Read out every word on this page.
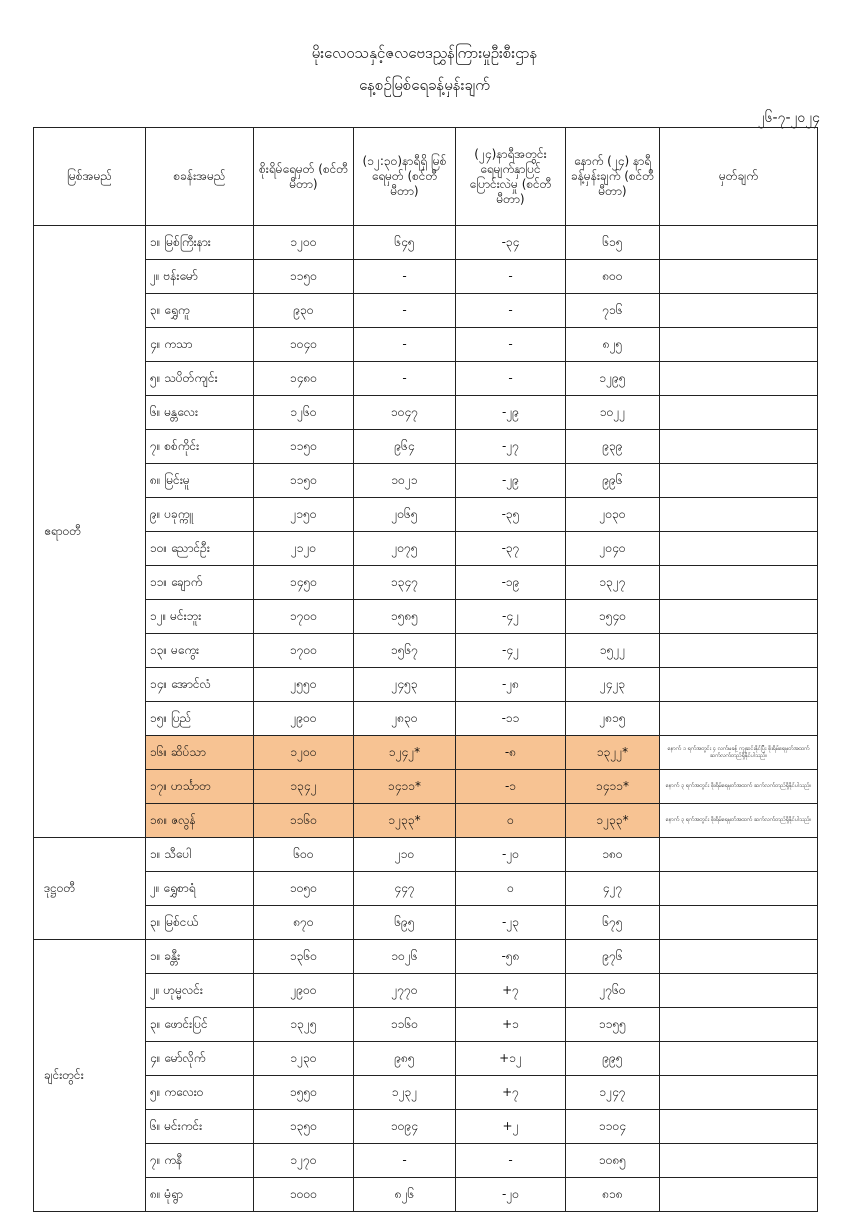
မိုးလေဝသနှင့်ဇလဗေဒညွှန်ကြားမှုဦးစီးဌာန
နေ့စဉ်မြစ်ရေခန့်မှန်းချက်
၂၆-၇-၂၀၂၄
မြစ်အမည်	စခန်းအမည်	စိုးရိမ်ရေမှတ် (စင်တီမီတာ)	(၁၂:၃၀)နာရီရှိ မြစ်ရေမှတ် (စင်တီမီတာ)	(၂၄)နာရီအတွင်း ရေမျက်နှာပြင် ပြောင်းလဲမှု (စင်တီမီတာ)	နောက် (၂၄) နာရီ ခန့်မှန်းချက် (စင်တီမီတာ)	မှတ်ချက်
ဧရာဝတီ	၁။ မြစ်ကြီးနား	၁၂၀၀	၆၄၅	-၃၄	၆၁၅	
	၂။ ဗန်းမော်	၁၁၅၀	-	-	၈၀၀	
	၃။ ရွှေကူ	၉၃၀	-	-	၇၁၆	
	၄။ ကသာ	၁၀၄၀	-	-	၈၂၅	
	၅။ သပိတ်ကျင်း	၁၄၈၀	-	-	၁၂၉၅	
	၆။ မန္တလေး	၁၂၆၀	၁၀၄၇	-၂၉	၁၀၂၂	
	၇။ စစ်ကိုင်း	၁၁၅၀	၉၆၄	-၂၇	၉၃၉	
	၈။ မြင်းမူ	၁၁၅၀	၁၀၂၁	-၂၉	၉၉၆	
	၉။ ပခုက္ကူ	၂၁၅၀	၂၀၆၅	-၃၅	၂၀၃၀	
	၁၀။ ညောင်ဦး	၂၁၂၀	၂၀၇၅	-၃၇	၂၀၄၀	
	၁၁။ ချောက်	၁၄၅၀	၁၃၄၇	-၁၉	၁၃၂၇	
	၁၂။ မင်းဘူး	၁၇၀၀	၁၅၈၅	-၄၂	၁၅၄၀	
	၁၃။ မကွေး	၁၇၀၀	၁၅၆၇	-၄၂	၁၅၂၂	
	၁၄။ အောင်လံ	၂၅၅၀	၂၄၅၃	-၂၈	၂၄၂၃	
	၁၅။ ပြည်	၂၉၀၀	၂၈၃၀	-၁၁	၂၈၁၅	
	၁၆။ ဆိပ်သာ	၁၂၀၀	၁၂၄၂*	-၈	၁၃၂၂*	နောက် ၁ ရက်အတွင်း ၄ လက်မခန့် ကျဆင်းနိုင်ပြီး စိုးရိမ်ရေမှတ်အထက်ဆက်လက်တည်ရှိနိုင်ပါသည်။
	၁၇။ ဟင်္သာတ	၁၃၄၂	၁၄၁၁*	-၁	၁၄၁၁*	နောက် ၃ ရက်အတွင်း စိုးရိမ်ရေမှတ်အထက် ဆက်လက်တည်ရှိနိုင်ပါသည်။
	၁၈။ ဇလွန်	၁၁၆၀	၁၂၃၃*	၀	၁၂၃၃*	နောက် ၃ ရက်အတွင်း စိုးရိမ်ရေမှတ်အထက် ဆက်လက်တည်ရှိနိုင်ပါသည်။
ဒုဋ္ဌဝတီ	၁။ သီပေါ	၆၀၀	၂၁၀	-၂၀	၁၈၀	
	၂။ ရွှေစာရံ	၁၀၅၀	၄၄၇	၀	၄၂၇	
	၃။ မြစ်ငယ်	၈၇၀	၆၉၅	-၂၃	၆၇၅	
ချင်းတွင်း	၁။ ခန္တီး	၁၃၆၀	၁၀၂၆	-၅၈	၉၇၆	
	၂။ ဟုမ္မလင်း	၂၉၀၀	၂၇၇၀	+၇	၂၇၆၀	
	၃။ ဖောင်းပြင်	၁၃၂၅	၁၁၆၀	+၁	၁၁၅၅	
	၄။ မော်လိုက်	၁၂၃၀	၉၈၅	+၁၂	၉၉၅	
	၅။ ကလေးဝ	၁၅၅၀	၁၂၃၂	+၇	၁၂၄၇	
	၆။ မင်းကင်း	၁၃၅၀	၁၀၉၄	+၂	၁၁၀၄	
	၇။ ကနီ	၁၂၇၀	-	-	၁၀၈၅	
	၈။ မုံရွာ	၁၀၀၀	၈၂၆	-၂၀	၈၁၈	
